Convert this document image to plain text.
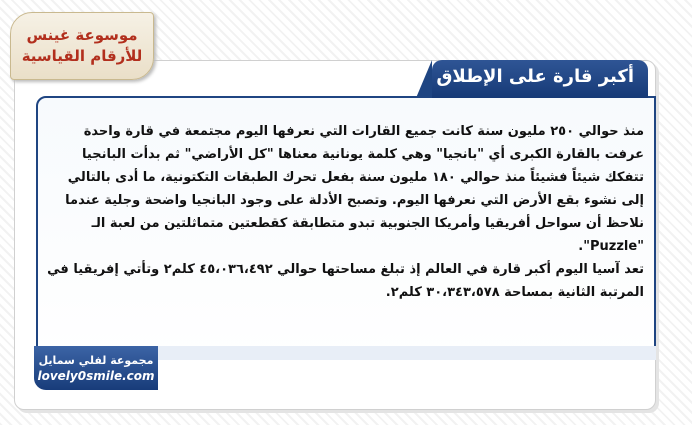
موسوعة غينس
للأرقام القياسية

منذ حوالي ٢٥٠ مليون سنة كانت جميع القارات التي نعرفها اليوم مجتمعة في قارة واحدة عرفت بالقارة الكبرى أي "بانجيا" وهي كلمة يونانية معناها "كل الأراضي" ثم بدأت البانجيا تتفكك شيئاً فشيئاً منذ حوالي ١٨٠ مليون سنة بفعل تحرك الطبقات التكتونية، ما أدى بالتالي إلى نشوء بقع الأرض التي نعرفها اليوم. وتصبح الأدلة على وجود البانجيا واضحة وجلية عندما نلاحظ أن سواحل أفريقيا وأمريكا الجنوبية تبدو متطابقة كقطعتين متماثلتين من لعبة الـ "Puzzle".

تعد آسيا اليوم أكبر قارة في العالم إذ تبلغ مساحتها حوالي ٤٥،٠٣٦،٤٩٢ كلم٢ وتأتي إفريقيا في المرتبة الثانية بمساحة ٣٠،٣٤٣،٥٧٨ كلم٢.

أكبر قارة على الإطلاق
مجموعة لفلي سمايل
lovely0smile.com
